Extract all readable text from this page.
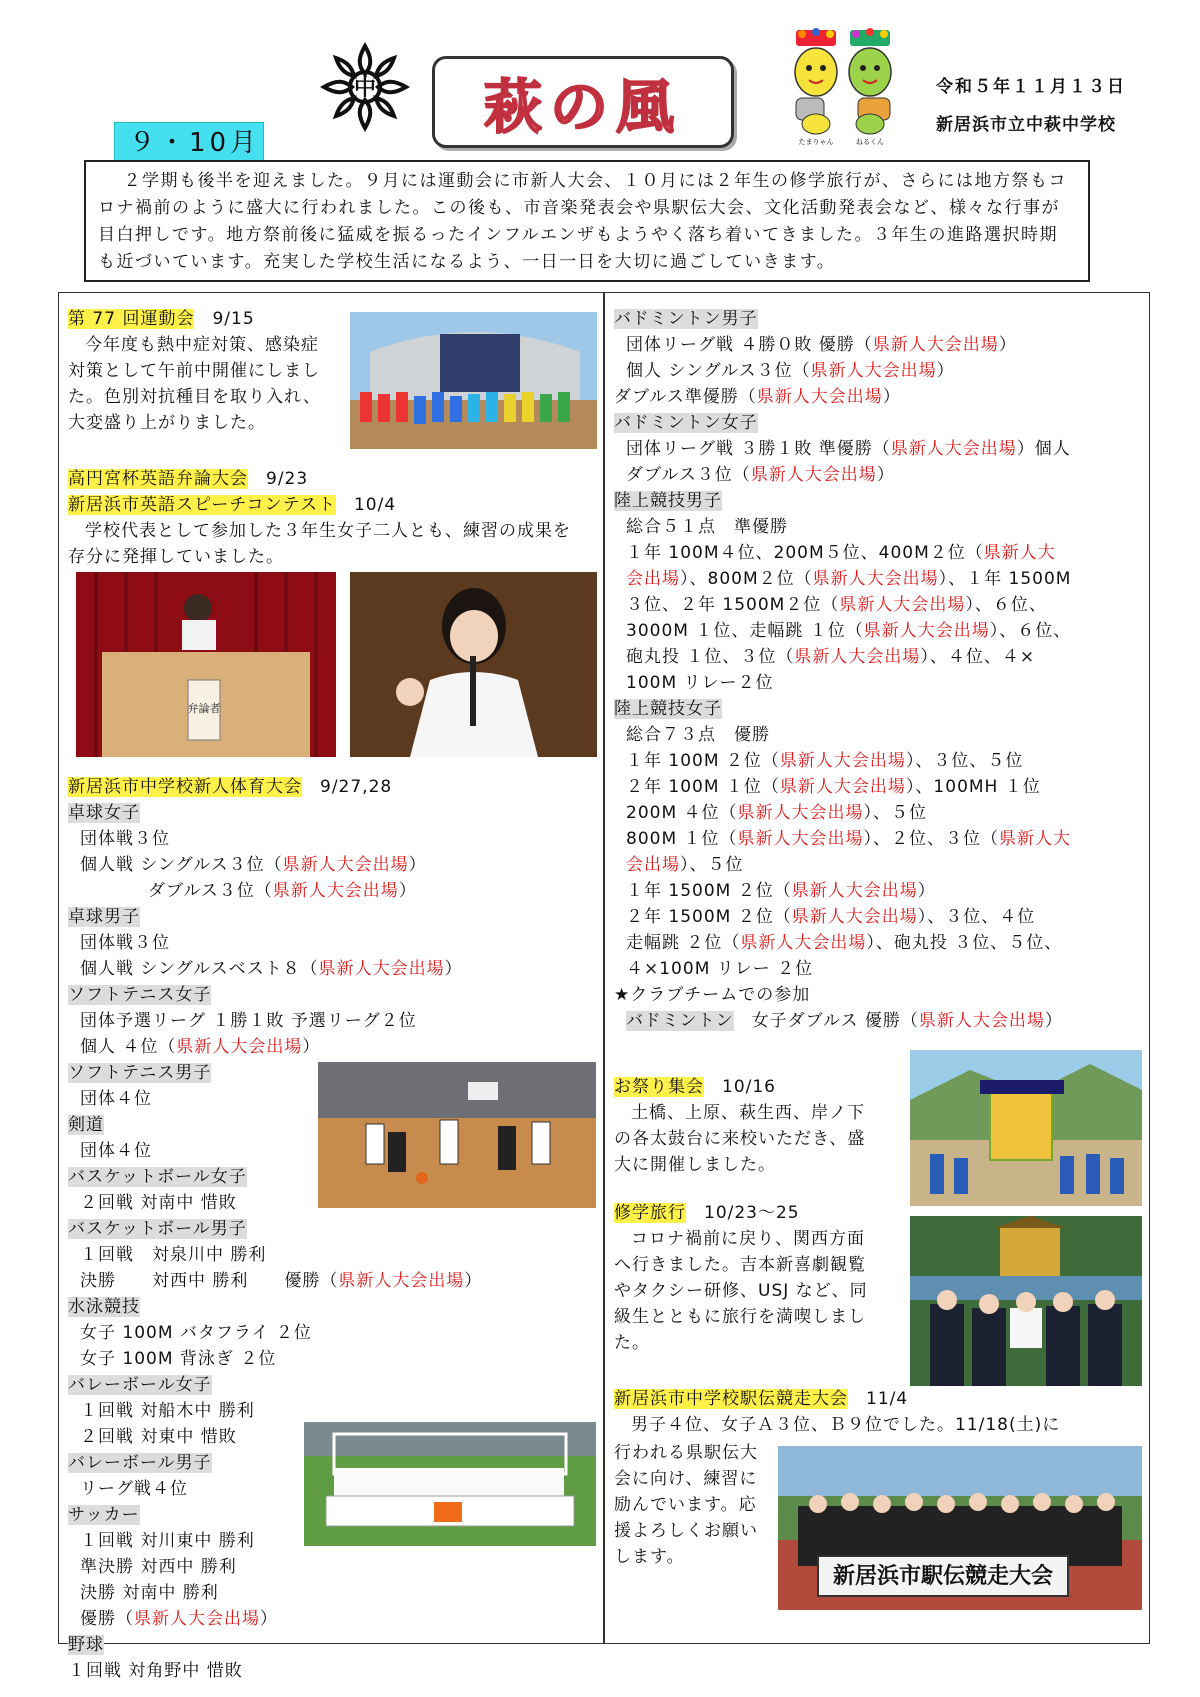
中 萩の風
たまりゃん	ねるくん
令和５年１１月１３日
新居浜市立中萩中学校
９・10月
２学期も後半を迎えました。９月には運動会に市新人大会、１０月には２年生の修学旅行が、さらには地方祭もコロナ禍前のように盛大に行われました。この後も、市音楽発表会や県駅伝大会、文化活動発表会など、様々な行事が目白押しです。地方祭前後に猛威を振るったインフルエンザもようやく落ち着いてきました。３年生の進路選択時期も近づいています。充実した学校生活になるよう、一日一日を大切に過ごしていきます。
第 77 回運動会　 9/15
今年度も熱中症対策、感染症対策として午前中開催にしました。色別対抗種目を取り入れ、大変盛り上がりました。
高円宮杯英語弁論大会　 9/23
新居浜市英語スピーチコンテスト　 10/4
学校代表として参加した３年生女子二人とも、練習の成果を存分に発揮していました。
弁論者
新居浜市中学校新人体育大会　 9/27,28
卓球女子
団体戦３位
個人戦 シングルス３位（県新人大会出場）
ダブルス３位（県新人大会出場）
卓球男子
団体戦３位
個人戦 シングルスベスト８（県新人大会出場）
ソフトテニス女子
団体予選リーグ １勝１敗 予選リーグ２位
個人 ４位（県新人大会出場）
ソフトテニス男子
団体４位
剣道
団体４位
バスケットボール女子
２回戦 対南中 惜敗
バスケットボール男子
１回戦　対泉川中 勝利
決勝　　対西中 勝利　　優勝（県新人大会出場）
水泳競技
女子 100M バタフライ ２位
女子 100M 背泳ぎ ２位
バレーボール女子
１回戦 対船木中 勝利
２回戦 対東中 惜敗
バレーボール男子
リーグ戦４位
サッカー
１回戦 対川東中 勝利
準決勝 対西中 勝利
決勝 対南中 勝利
優勝（県新人大会出場）
野球
１回戦 対角野中 惜敗
バドミントン男子
団体リーグ戦 ４勝０敗 優勝（県新人大会出場）
個人 シングルス３位（県新人大会出場）
ダブルス準優勝（県新人大会出場）
バドミントン女子
団体リーグ戦 ３勝１敗 準優勝（県新人大会出場）個人
ダブルス３位（県新人大会出場）
陸上競技男子
総合５１点　準優勝
１年 100M４位、200M５位、400M２位（県新人大
会出場）、800M２位（県新人大会出場）、１年 1500M
３位、２年 1500M２位（県新人大会出場）、６位、
3000M １位、走幅跳 １位（県新人大会出場）、６位、
砲丸投 １位、３位（県新人大会出場）、４位、４×
100M リレー２位
陸上競技女子
総合７３点　優勝
１年 100M ２位（県新人大会出場）、３位、５位
２年 100M １位（県新人大会出場）、100MH １位
200M ４位（県新人大会出場）、５位
800M １位（県新人大会出場）、２位、３位（県新人大
会出場）、５位
１年 1500M ２位（県新人大会出場）
２年 1500M ２位（県新人大会出場）、３位、４位
走幅跳 ２位（県新人大会出場）、砲丸投 ３位、５位、
４×100M リレー ２位
★クラブチームでの参加
バドミントン　 女子ダブルス 優勝（県新人大会出場）
お祭り集会　 10/16
土橋、上原、萩生西、岸ノ下の各太鼓台に来校いただき、盛大に開催しました。
修学旅行　 10/23～25
コロナ禍前に戻り、関西方面へ行きました。吉本新喜劇観覧やタクシー研修、USJ など、同級生とともに旅行を満喫しました。
新居浜市中学校駅伝競走大会　 11/4
男子４位、女子Ａ３位、Ｂ９位でした。11/18(土)に
行われる県駅伝大会に向け、練習に励んでいます。応援よろしくお願いします。
新居浜市駅伝競走大会
